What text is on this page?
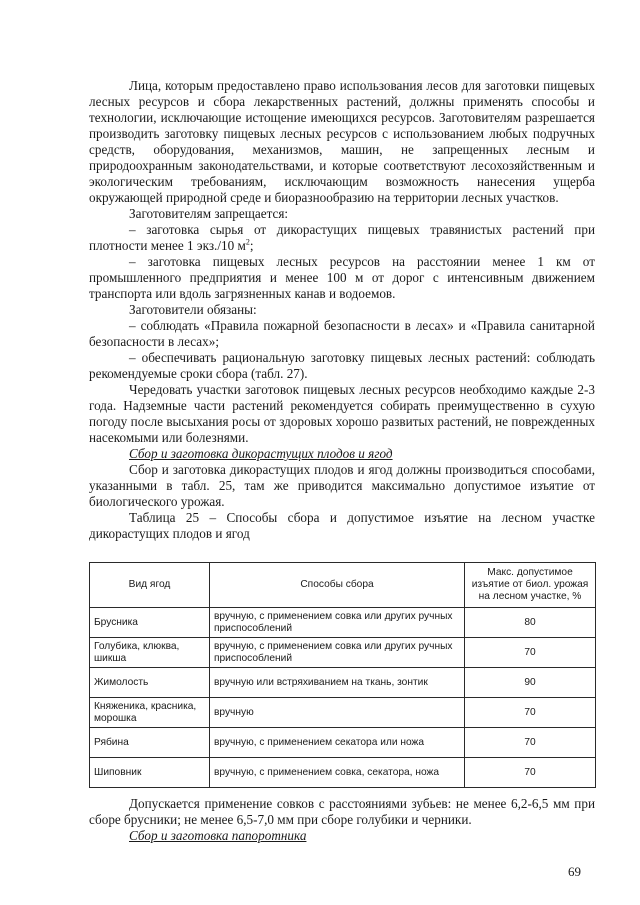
Лица, которым предоставлено право использования лесов для заготовки пищевых лесных ресурсов и сбора лекарственных растений, должны применять способы и технологии, исключающие истощение имеющихся ресурсов. Заготовителям разрешается производить заготовку пищевых лесных ресурсов с использованием любых подручных средств, оборудования, механизмов, машин, не запрещенных лесным и природоохранным законодательствами, и которые соответствуют лесохозяйственным и экологическим требованиям, исключающим возможность нанесения ущерба окружающей природной среде и биоразнообразию на территории лесных участков.

Заготовителям запрещается:

– заготовка сырья от дикорастущих пищевых травянистых растений при плотности менее 1 экз./10 $м^2$;

– заготовка пищевых лесных ресурсов на расстоянии менее 1 км от промышленного предприятия и менее 100 м от дорог с интенсивным движением транспорта или вдоль загрязненных канав и водоемов.

Заготовители обязаны:

– соблюдать «Правила пожарной безопасности в лесах» и «Правила санитарной безопасности в лесах»;

– обеспечивать рациональную заготовку пищевых лесных растений: соблюдать рекомендуемые сроки сбора (табл. 27).

Чередовать участки заготовок пищевых лесных ресурсов необходимо каждые 2-3 года. Надземные части растений рекомендуется собирать преимущественно в сухую погоду после высыхания росы от здоровых хорошо развитых растений, не поврежденных насекомыми или болезнями.

Сбор и заготовка дикорастущих плодов и ягод

Сбор и заготовка дикорастущих плодов и ягод должны производиться способами, указанными в табл. 25, там же приводится максимально допустимое изъятие от биологического урожая.

Таблица 25 – Способы сбора и допустимое изъятие на лесном участке дикорастущих плодов и ягод

Вид ягод	Способы сбора	Макс. допустимое изъятие от биол. урожая на лесном участке, %
Брусника	вручную, с применением совка или других ручных приспособлений	80
Голубика, клюква, шикша	вручную, с применением совка или других ручных приспособлений	70
Жимолость	вручную или встряхиванием на ткань, зонтик	90
Княженика, красника, морошка	вручную	70
Рябина	вручную, с применением секатора или ножа	70
Шиповник	вручную, с применением совка, секатора, ножа	70

Допускается применение совков с расстояниями зубьев: не менее 6,2-6,5 мм при сборе брусники; не менее 6,5-7,0 мм при сборе голубики и черники.

Сбор и заготовка папоротника

69
